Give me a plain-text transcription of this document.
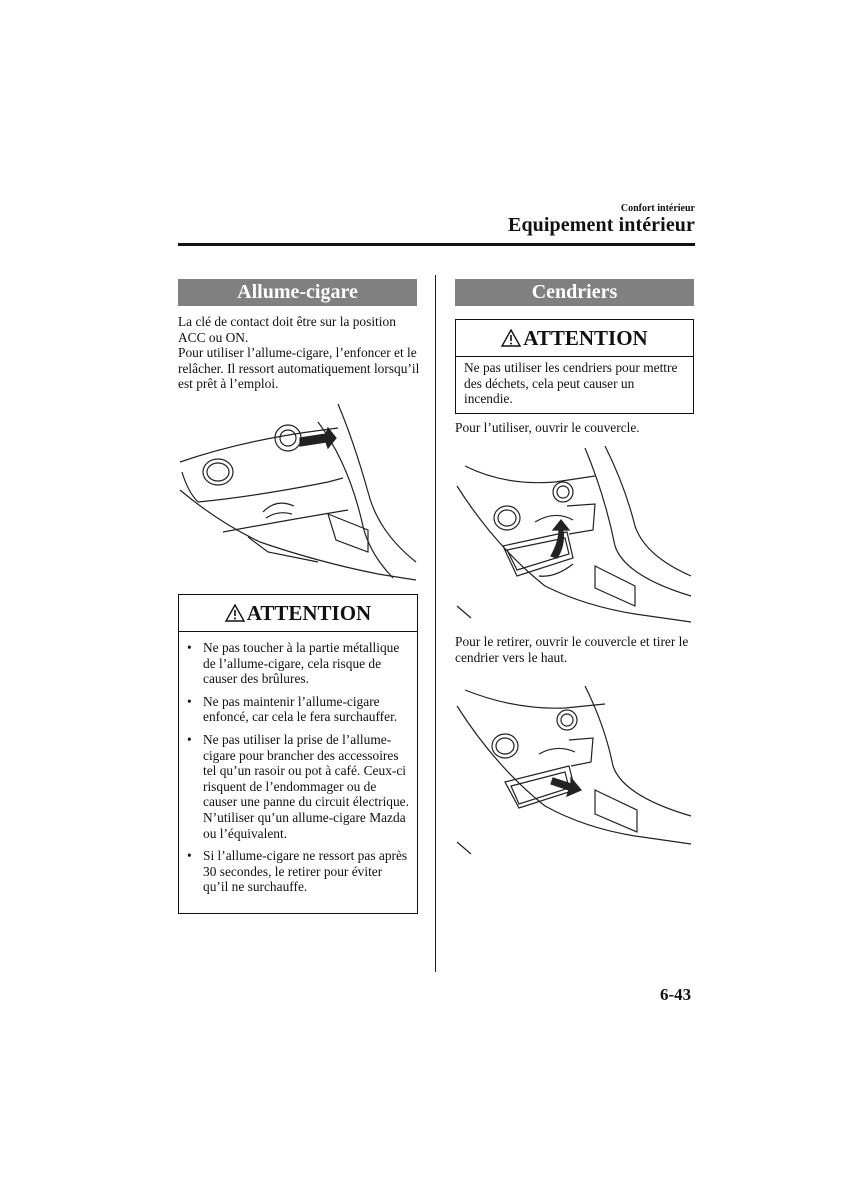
Confort intérieur
Equipement intérieur
Allume-cigare
La clé de contact doit être sur la position ACC ou ON.
Pour utiliser l’allume-cigare, l’enfoncer et le relâcher. Il ressort automatiquement lorsqu’il est prêt à l’emploi.
ATTENTION
• Ne pas toucher à la partie métallique de l’allume-cigare, cela risque de causer des brûlures.
• Ne pas maintenir l’allume-cigare enfoncé, car cela le fera surchauffer.
• Ne pas utiliser la prise de l’allume-cigare pour brancher des accessoires tel qu’un rasoir ou pot à café. Ceux-ci risquent de l’endommager ou de causer une panne du circuit électrique. N’utiliser qu’un allume-cigare Mazda ou l’équivalent.
• Si l’allume-cigare ne ressort pas après 30 secondes, le retirer pour éviter qu’il ne surchauffe.
Cendriers
ATTENTION
Ne pas utiliser les cendriers pour mettre des déchets, cela peut causer un incendie.
Pour l’utiliser, ouvrir le couvercle.
Pour le retirer, ouvrir le couvercle et tirer le cendrier vers le haut.
6-43
